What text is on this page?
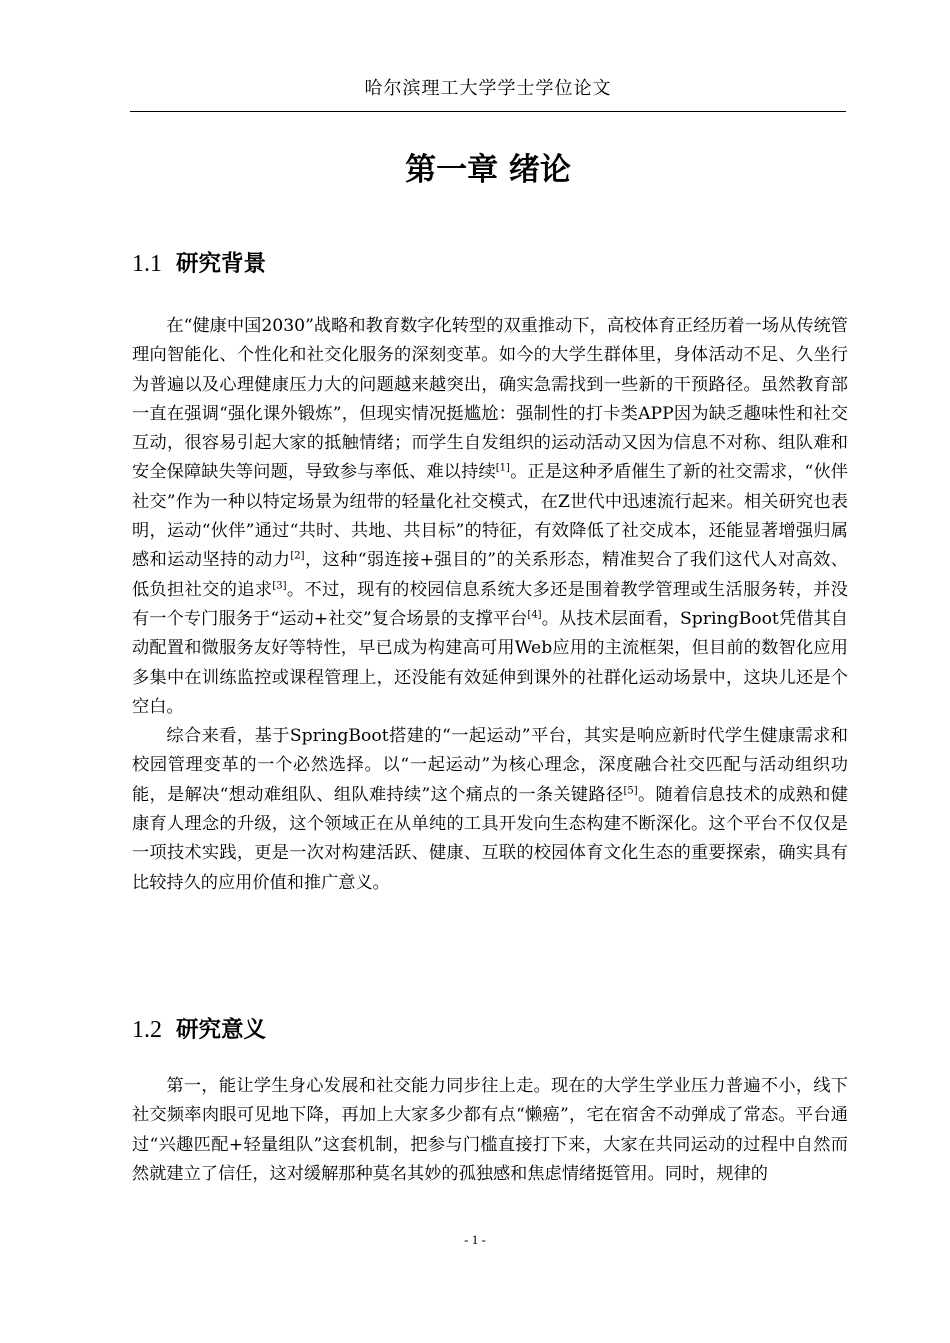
哈尔滨理工大学学士学位论文
第一章 绪论
1.1 研究背景

在“健康中国2030”战略和教育数字化转型的双重推动下，高校体育正经历着一场从传统管理向智能化、个性化和社交化服务的深刻变革。如今的大学生群体里，身体活动不足、久坐行为普遍以及心理健康压力大的问题越来越突出，确实急需找到一些新的干预路径。虽然教育部一直在强调“强化课外锻炼”，但现实情况挺尴尬：强制性的打卡类APP因为缺乏趣味性和社交互动，很容易引起大家的抵触情绪；而学生自发组织的运动活动又因为信息不对称、组队难和安全保障缺失等问题，导致参与率低、难以持续[1]。正是这种矛盾催生了新的社交需求，“伙伴社交”作为一种以特定场景为纽带的轻量化社交模式，在Z世代中迅速流行起来。相关研究也表明，运动“伙伴”通过“共时、共地、共目标”的特征，有效降低了社交成本，还能显著增强归属感和运动坚持的动力[2]，这种“弱连接+强目的”的关系形态，精准契合了我们这代人对高效、低负担社交的追求[3]。不过，现有的校园信息系统大多还是围着教学管理或生活服务转，并没有一个专门服务于“运动+社交”复合场景的支撑平台[4]。从技术层面看，SpringBoot凭借其自动配置和微服务友好等特性，早已成为构建高可用Web应用的主流框架，但目前的数智化应用多集中在训练监控或课程管理上，还没能有效延伸到课外的社群化运动场景中，这块儿还是个空白。

综合来看，基于SpringBoot搭建的“一起运动”平台，其实是响应新时代学生健康需求和校园管理变革的一个必然选择。以“一起运动”为核心理念，深度融合社交匹配与活动组织功能，是解决“想动难组队、组队难持续”这个痛点的一条关键路径[5]。随着信息技术的成熟和健康育人理念的升级，这个领域正在从单纯的工具开发向生态构建不断深化。这个平台不仅仅是一项技术实践，更是一次对构建活跃、健康、互联的校园体育文化生态的重要探索，确实具有比较持久的应用价值和推广意义。

1.2 研究意义

第一，能让学生身心发展和社交能力同步往上走。现在的大学生学业压力普遍不小，线下社交频率肉眼可见地下降，再加上大家多少都有点“懒癌”，宅在宿舍不动弹成了常态。平台通过“兴趣匹配+轻量组队”这套机制，把参与门槛直接打下来，大家在共同运动的过程中自然而然就建立了信任，这对缓解那种莫名其妙的孤独感和焦虑情绪挺管用。同时，规律的

- 1 -
